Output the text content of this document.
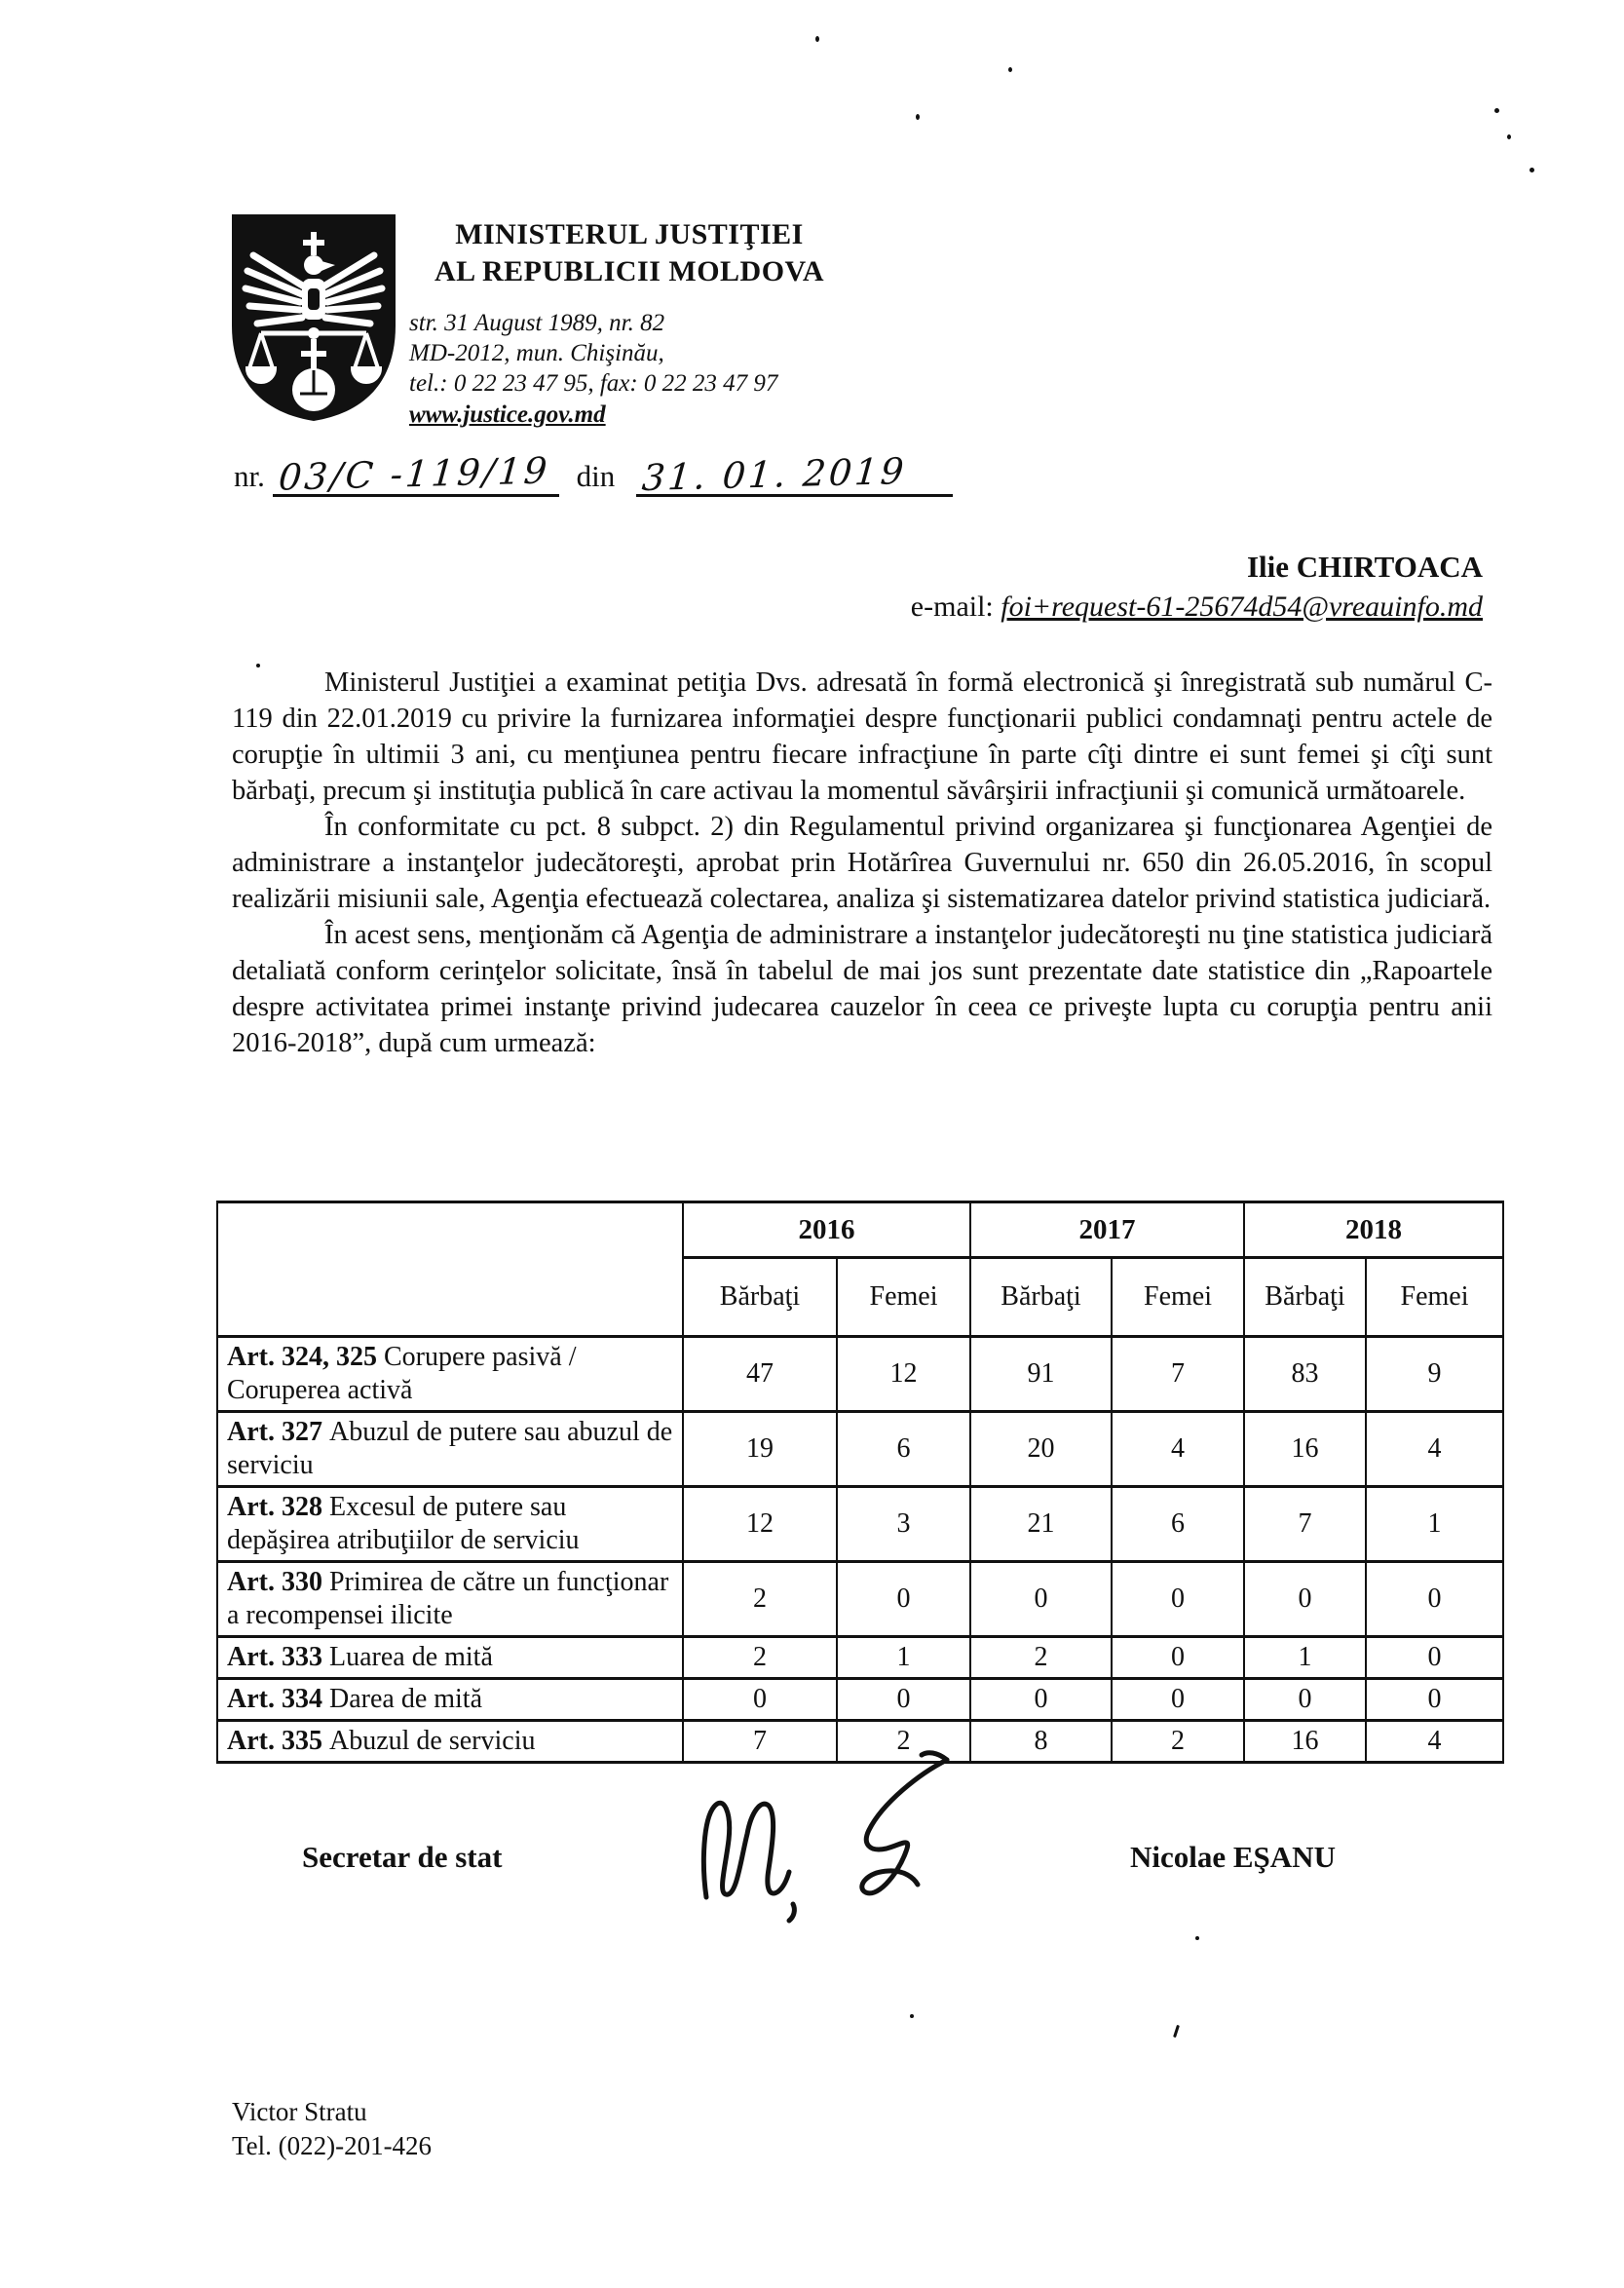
MINISTERUL JUSTIŢIEI
AL REPUBLICII MOLDOVA
str. 31 August 1989, nr. 82
MD-2012, mun. Chişinău,
tel.: 0 22 23 47 95, fax: 0 22 23 47 97
www.justice.gov.md
nr. 03/C -119/19 din 31. 01. 2019
Ilie CHIRTOACA
e-mail: foi+request-61-25674d54@vreauinfo.md

Ministerul Justiţiei a examinat petiţia Dvs. adresată în formă electronică şi înregistrată sub numărul C-119 din 22.01.2019 cu privire la furnizarea informaţiei despre funcţionarii publici condamnaţi pentru actele de corupţie în ultimii 3 ani, cu menţiunea pentru fiecare infracţiune în parte cîţi dintre ei sunt femei şi cîţi sunt bărbaţi, precum şi instituţia publică în care activau la momentul săvârşirii infracţiunii şi comunică următoarele.

În conformitate cu pct. 8 subpct. 2) din Regulamentul privind organizarea şi funcţionarea Agenţiei de administrare a instanţelor judecătoreşti, aprobat prin Hotărîrea Guvernului nr. 650 din 26.05.2016, în scopul realizării misiunii sale, Agenţia efectuează colectarea, analiza şi sistematizarea datelor privind statistica judiciară.

În acest sens, menţionăm că Agenţia de administrare a instanţelor judecătoreşti nu ţine statistica judiciară detaliată conform cerinţelor solicitate, însă în tabelul de mai jos sunt prezentate date statistice din „Rapoartele despre activitatea primei instanţe privind judecarea cauzelor în ceea ce priveşte lupta cu corupţia pentru anii 2016-2018”, după cum urmează:

	2016		2017		2018	
	Bărbaţi	Femei	Bărbaţi	Femei	Bărbaţi	Femei
Art. 324, 325 Corupere pasivă / Coruperea activă	47	12	91	7	83	9
Art. 327 Abuzul de putere sau abuzul de serviciu	19	6	20	4	16	4
Art. 328 Excesul de putere sau depăşirea atribuţiilor de serviciu	12	3	21	6	7	1
Art. 330 Primirea de către un funcţionar a recompensei ilicite	2	0	0	0	0	0
Art. 333 Luarea de mită	2	1	2	0	1	0
Art. 334 Darea de mită	0	0	0	0	0	0
Art. 335 Abuzul de serviciu	7	2	8	2	16	4
Secretar de stat	Nicolae EŞANU
Victor Stratu
Tel. (022)-201-426
